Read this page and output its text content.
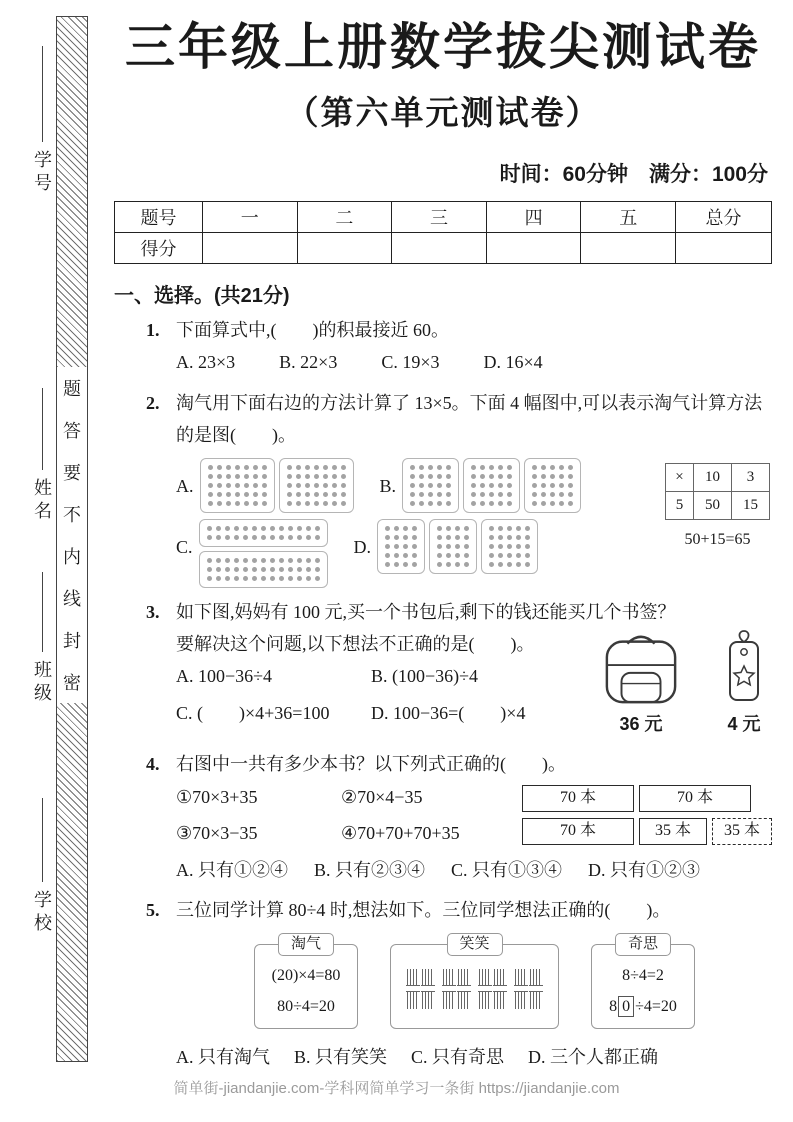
题
答
要
不
内
线
封
密
学号
姓名
班级
学校
三年级上册数学拔尖测试卷
（第六单元测试卷）
时间：60分钟　满分：100分
题号	一	二	三	四	五	总分
得分						
一、选择。(共21分)
1. 下面算式中,(　　)的积最接近 60。
A. 23×3 B. 22×3 C. 19×3 D. 16×4
2. 淘气用下面右边的方法计算了 13×5。下面 4 幅图中,可以表示淘气计算方法的是图(　　)。
A.	B.
C.	D.
×	10	3
5	50	15
50+15=65
3. 如下图,妈妈有 100 元,买一个书包后,剩下的钱还能买几个书签？
要解决这个问题,以下想法不正确的是(　　)。
A. 100−36÷4	B. (100−36)÷4
C. (　　)×4+36=100	D. 100−36=(　　)×4
36 元	4 元
4. 右图中一共有多少本书？以下列式正确的(　　)。
①70×3+35	②70×4−35
③70×3−35	④70+70+70+35
70 本	70 本
70 本	35 本	35 本
A. 只有①②④ B. 只有②③④ C. 只有①③④ D. 只有①②③
5. 三位同学计算 80÷4 时,想法如下。三位同学想法正确的(　　)。
淘气
(20)×4=80
80÷4=20
笑笑	奇思
8÷4=2
8 0 ÷4=20
A. 只有淘气 B. 只有笑笑 C. 只有奇思 D. 三个人都正确
简单街-jiandanjie.com-学科网简单学习一条街 https://jiandanjie.com
